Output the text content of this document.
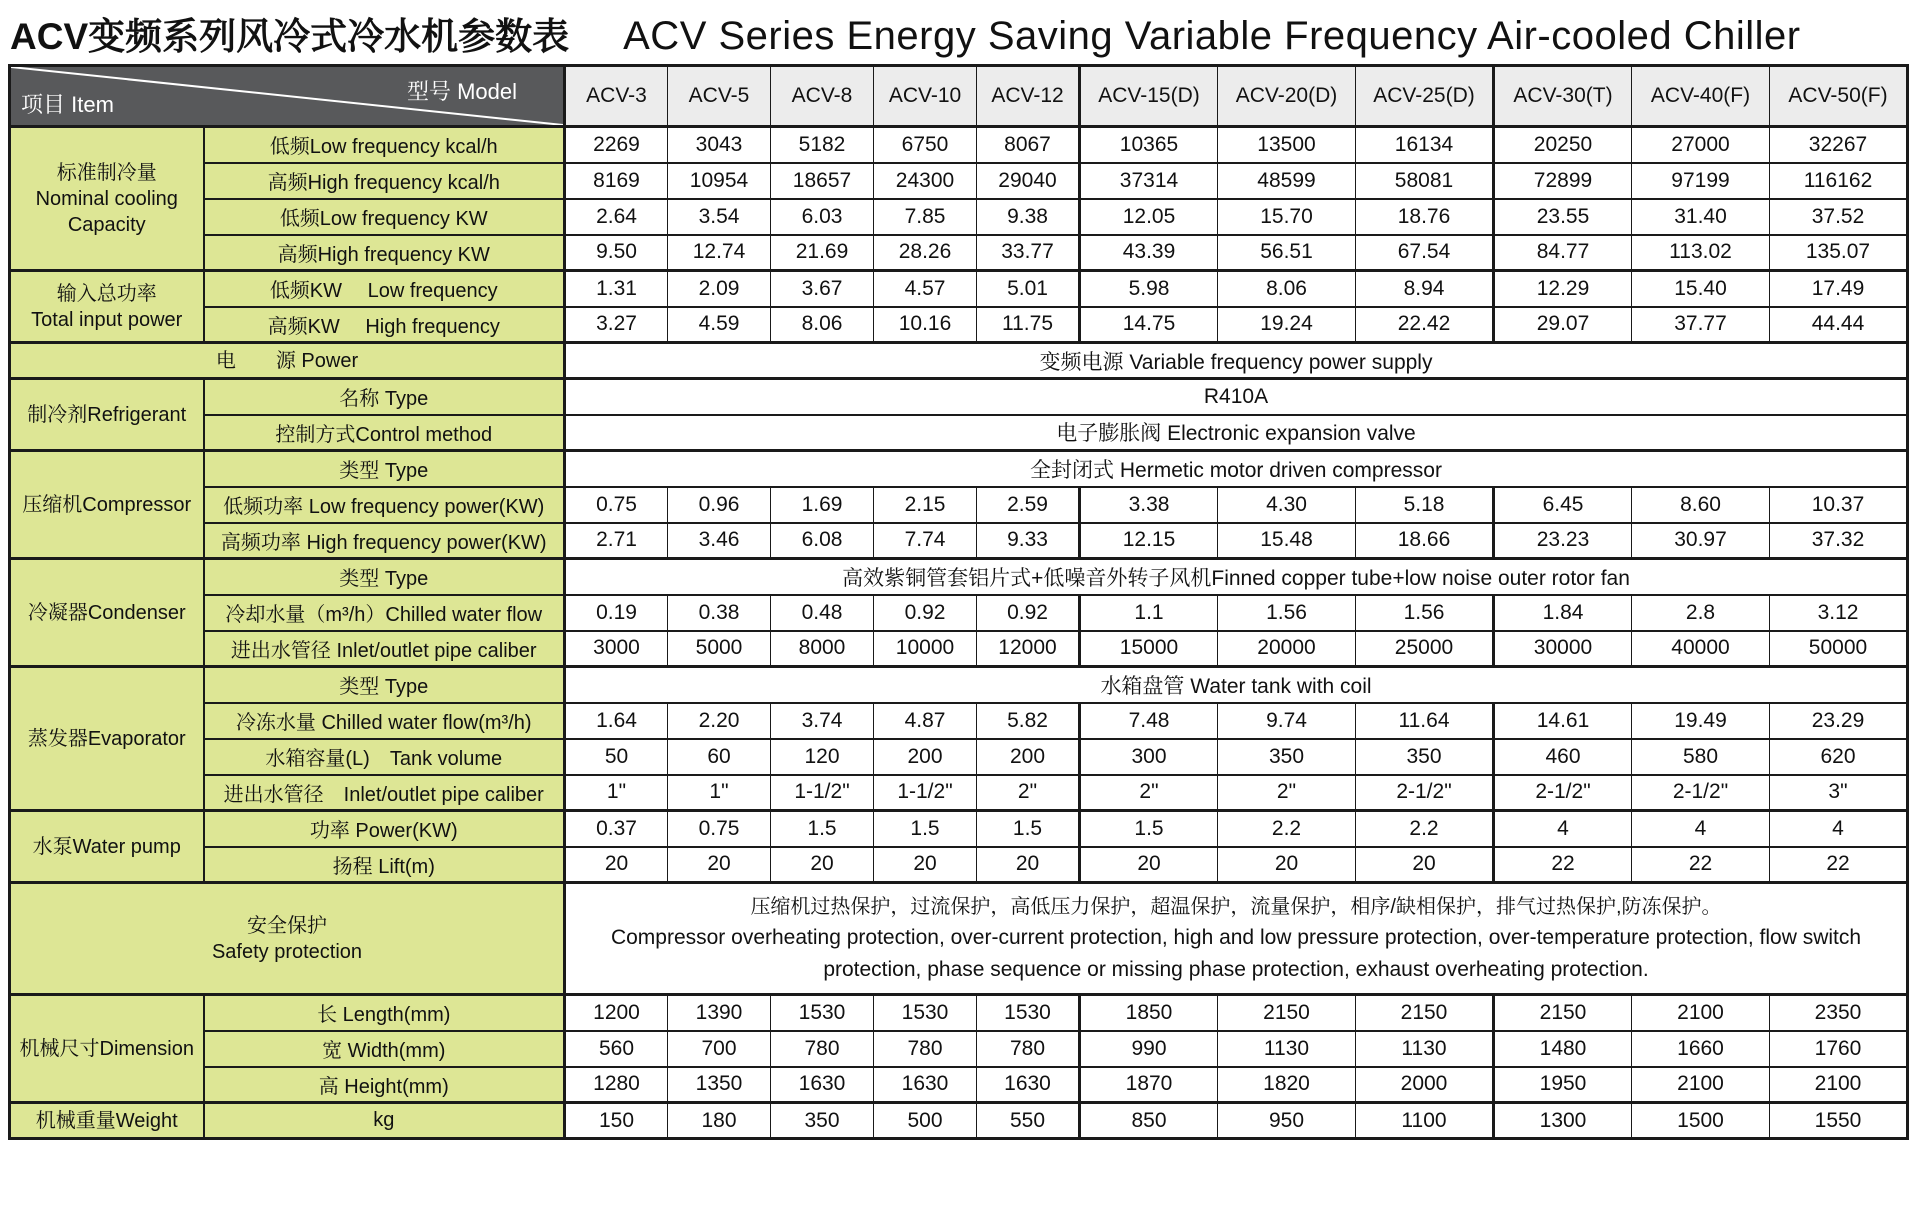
ACV变频系列风冷式冷水机参数表 ACV Series Energy Saving Variable Frequency Air-cooled Chiller
型号 Model
项目 Item		ACV-3	ACV-5	ACV-8	ACV-10	ACV-12	ACV-15(D)	ACV-20(D)	ACV-25(D)	ACV-30(T)	ACV-40(F)	ACV-50(F)

标准制冷量
Nominal cooling
Capacity	低频Low frequency kcal/h	2269	3043	5182	6750	8067	10365	13500	16134	20250	27000	32267
	高频High frequency kcal/h	8169	10954	18657	24300	29040	37314	48599	58081	72899	97199	116162
	低频Low frequency KW	2.64	3.54	6.03	7.85	9.38	12.05	15.70	18.76	23.55	31.40	37.52
	高频High frequency KW	9.50	12.74	21.69	28.26	33.77	43.39	56.51	67.54	84.77	113.02	135.07

输入总功率
Total input power	低频KW　 Low frequency	1.31	2.09	3.67	4.57	5.01	5.98	8.06	8.94	12.29	15.40	17.49
	高频KW　 High frequency	3.27	4.59	8.06	10.16	11.75	14.75	19.24	22.42	29.07	37.77	44.44

电　　源 Power		变频电源 Variable frequency power supply										

制冷剂Refrigerant	名称 Type	R410A										

	控制方式Control method	电子膨胀阀 Electronic expansion valve										

压缩机Compressor	类型 Type	全封闭式 Hermetic motor driven compressor										

	低频功率 Low frequency power(KW)	0.75	0.96	1.69	2.15	2.59	3.38	4.30	5.18	6.45	8.60	10.37
	高频功率 High frequency power(KW)	2.71	3.46	6.08	7.74	9.33	12.15	15.48	18.66	23.23	30.97	37.32

冷凝器Condenser	类型 Type	高效紫铜管套铝片式+低噪音外转子风机Finned copper tube+low noise outer rotor fan										

	冷却水量（m³/h）Chilled water flow	0.19	0.38	0.48	0.92	0.92	1.1	1.56	1.56	1.84	2.8	3.12
	进出水管径 Inlet/outlet pipe caliber	3000	5000	8000	10000	12000	15000	20000	25000	30000	40000	50000

蒸发器Evaporator	类型 Type	水箱盘管 Water tank with coil										

	冷冻水量 Chilled water flow(m³/h)	1.64	2.20	3.74	4.87	5.82	7.48	9.74	11.64	14.61	19.49	23.29
	水箱容量(L)　Tank volume	50	60	120	200	200	300	350	350	460	580	620
	进出水管径　Inlet/outlet pipe caliber	1"	1"	1-1/2"	1-1/2"	2"	2"	2"	2-1/2"	2-1/2"	2-1/2"	3"

水泵Water pump	功率 Power(KW)	0.37	0.75	1.5	1.5	1.5	1.5	2.2	2.2	4	4	4
	扬程 Lift(m)	20	20	20	20	20	20	20	20	22	22	22

安全保护
Safety protection

压缩机过热保护，过流保护，高低压力保护，超温保护，流量保护，相序/缺相保护，排气过热保护,防冻保护。
Compressor overheating protection, over-current protection, high and low pressure protection, over-temperature protection, flow switch protection, phase sequence or missing phase protection, exhaust overheating protection.

机械尺寸Dimension	长 Length(mm)	1200	1390	1530	1530	1530	1850	2150	2150	2150	2100	2350
	宽 Width(mm)	560	700	780	780	780	990	1130	1130	1480	1660	1760
	高 Height(mm)	1280	1350	1630	1630	1630	1870	1820	2000	1950	2100	2100

机械重量Weight	kg	150	180	350	500	550	850	950	1100	1300	1500	1550
